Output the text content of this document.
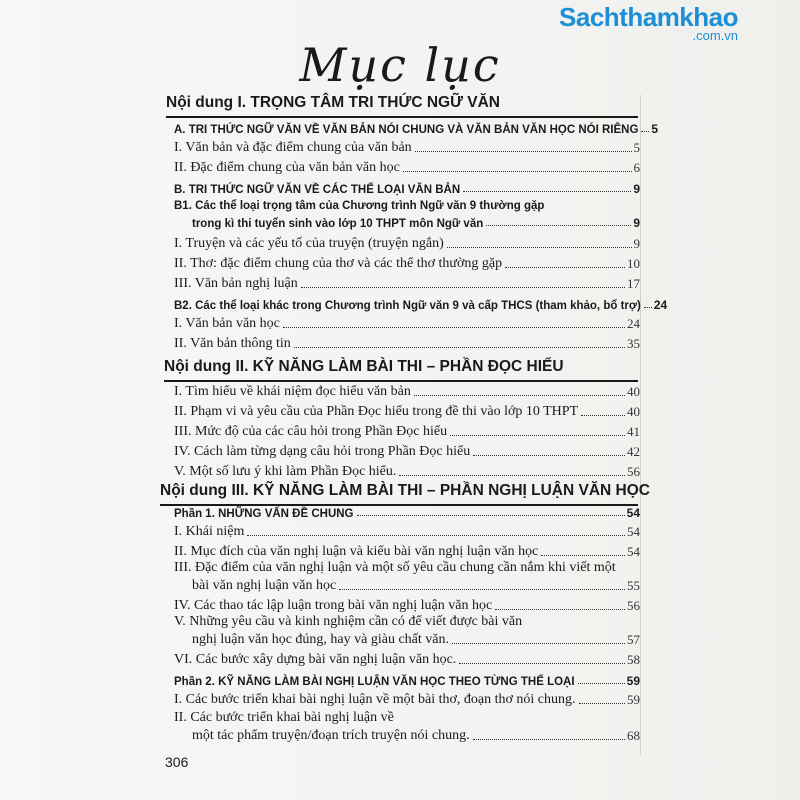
Sachthamkhao
.com.vn
Mục lục
Nội dung I. TRỌNG TÂM TRI THỨC NGỮ VĂN
A. TRI THỨC NGỮ VĂN VỀ VĂN BẢN NÓI CHUNG VÀ VĂN BẢN VĂN HỌC NÓI RIÊNG 5
I. Văn bản và đặc điểm chung của văn bản	5
II. Đặc điểm chung của văn bản văn học	6
B. TRI THỨC NGỮ VĂN VỀ CÁC THỂ LOẠI VĂN BẢN	9
B1. Các thể loại trọng tâm của Chương trình Ngữ văn 9 thường gặp
trong kì thi tuyển sinh vào lớp 10 THPT môn Ngữ văn	9
I. Truyện và các yếu tố của truyện (truyện ngắn)	9
II. Thơ: đặc điểm chung của thơ và các thể thơ thường gặp	10
III. Văn bản nghị luận	17
B2. Các thể loại khác trong Chương trình Ngữ văn 9 và cấp THCS (tham khảo, bổ trợ) 24
I. Văn bản văn học	24
II. Văn bản thông tin	35
Nội dung II. KỸ NĂNG LÀM BÀI THI – PHẦN ĐỌC HIỂU
I. Tìm hiểu về khái niệm đọc hiểu văn bản	40
II. Phạm vi và yêu cầu của Phần Đọc hiểu trong đề thi vào lớp 10 THPT	40
III. Mức độ của các câu hỏi trong Phần Đọc hiểu	41
IV. Cách làm từng dạng câu hỏi trong Phần Đọc hiểu	42
V. Một số lưu ý khi làm Phần Đọc hiểu.	56
Nội dung III. KỸ NĂNG LÀM BÀI THI – PHẦN NGHỊ LUẬN VĂN HỌC
Phần 1. NHỮNG VẤN ĐỀ CHUNG	54
I. Khái niệm	54
II. Mục đích của văn nghị luận và kiểu bài văn nghị luận văn học	54
III. Đặc điểm của văn nghị luận và một số yêu cầu chung cần nắm khi viết một
bài văn nghị luận văn học	55
IV. Các thao tác lập luận trong bài văn nghị luận văn học	56
V. Những yêu cầu và kinh nghiệm cần có để viết được bài văn
nghị luận văn học đúng, hay và giàu chất văn.	57
VI. Các bước xây dựng bài văn nghị luận văn học.	58
Phần 2. KỸ NĂNG LÀM BÀI NGHỊ LUẬN VĂN HỌC THEO TỪNG THỂ LOẠI	59
I. Các bước triển khai bài nghị luận về một bài thơ, đoạn thơ nói chung.	59
II. Các bước triển khai bài nghị luận về
một tác phẩm truyện/đoạn trích truyện nói chung.	68
306
